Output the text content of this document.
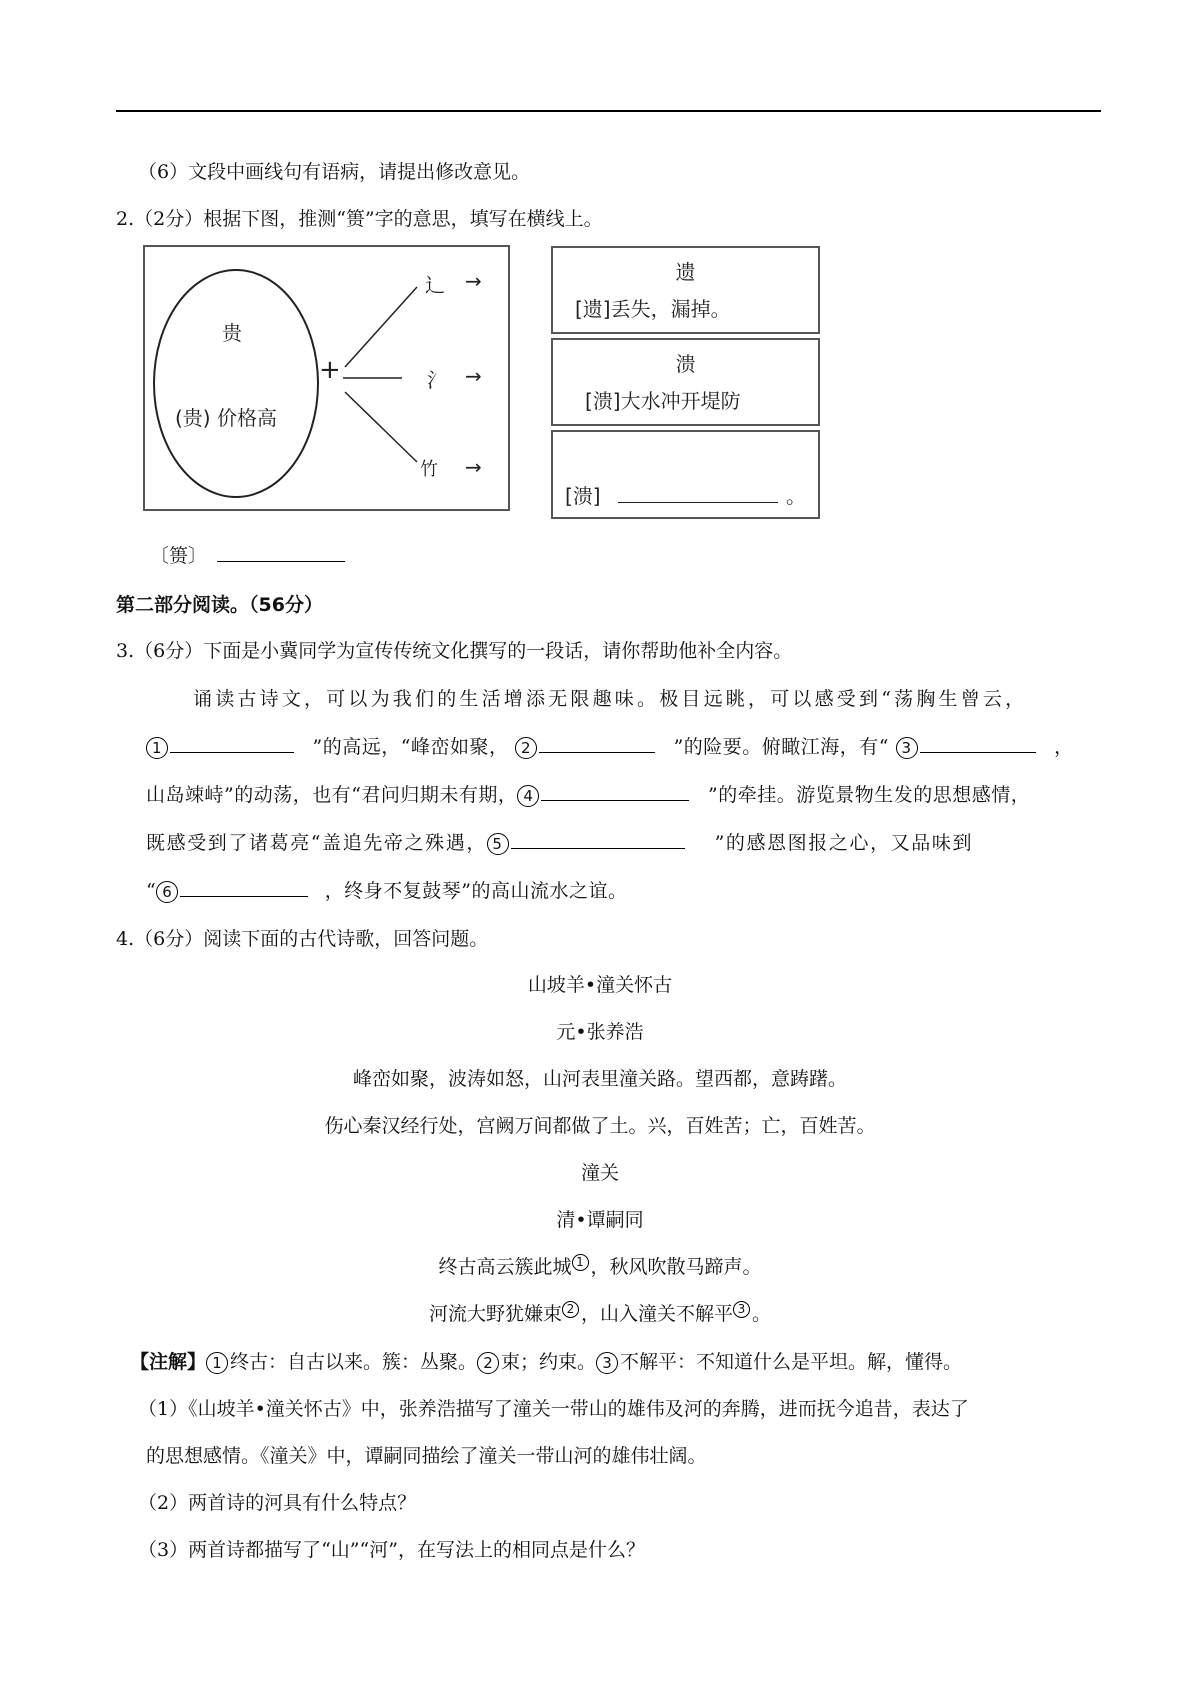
（6）文段中画线句有语病，请提出修改意见。
2.（2分）根据下图，推测“篑”字的意思，填写在横线上。
贵
(贵) 价格高
+
辶 →
氵 →
竹 →
遗
[遗]丢失，漏掉。
溃
[溃]大水冲开堤防
[溃]	。
〔篑〕
第二部分阅读。（56分）
3.（6分）下面是小冀同学为宣传传统文化撰写的一段话，请你帮助他补全内容。
诵读古诗文，可以为我们的生活增添无限趣味。极目远眺，可以感受到“荡胸生曾云，
1	”的高远，“峰峦如聚， 2	”的险要。俯瞰江海，有“ 3	，
山岛竦峙”的动荡，也有“君问归期未有期， 4	”的牵挂。游览景物生发的思想感情，
既感受到了诸葛亮“盖追先帝之殊遇， 5	”的感恩图报之心，又品味到
“ 6	，终身不复鼓琴”的高山流水之谊。
4.（6分）阅读下面的古代诗歌，回答问题。
山坡羊•潼关怀古
元•张养浩
峰峦如聚，波涛如怒，山河表里潼关路。望西都，意踌躇。
伤心秦汉经行处，宫阙万间都做了土。兴，百姓苦；亡，百姓苦。
潼关
清•谭嗣同
终古高云簇此城 1 ，秋风吹散马蹄声。
河流大野犹嫌束 2 ，山入潼关不解平 3 。
【注解】 1 终古：自古以来。簇：丛聚。 2 束；约束。 3 不解平：不知道什么是平坦。解，懂得。
（1）《山坡羊•潼关怀古》中，张养浩描写了潼关一带山的雄伟及河的奔腾，进而抚今追昔，表达了
的思想感情。《潼关》中，谭嗣同描绘了潼关一带山河的雄伟壮阔。
（2）两首诗的河具有什么特点？
（3）两首诗都描写了“山”“河”，在写法上的相同点是什么？
